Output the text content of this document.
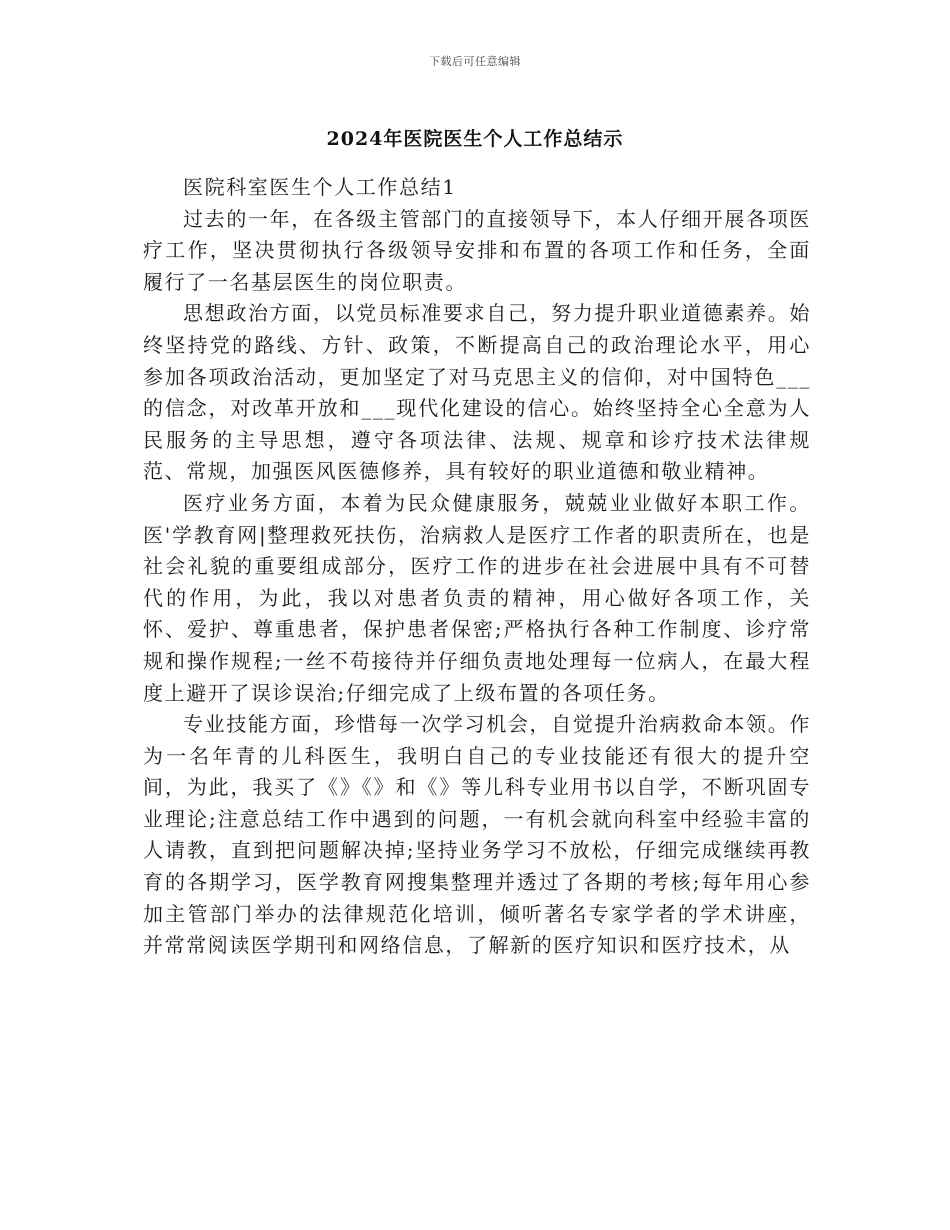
下载后可任意编辑
2024年医院医生个人工作总结示

医院科室医生个人工作总结1

过去的一年，在各级主管部门的直接领导下，本人仔细开展各项医疗工作，坚决贯彻执行各级领导安排和布置的各项工作和任务，全面履行了一名基层医生的岗位职责。

思想政治方面，以党员标准要求自己，努力提升职业道德素养。始终坚持党的路线、方针、政策，不断提高自己的政治理论水平，用心参加各项政治活动，更加坚定了对马克思主义的信仰，对中国特色___的信念，对改革开放和___现代化建设的信心。始终坚持全心全意为人民服务的主导思想，遵守各项法律、法规、规章和诊疗技术法律规范、常规，加强医风医德修养，具有较好的职业道德和敬业精神。

医疗业务方面，本着为民众健康服务，兢兢业业做好本职工作。医'学教育网|整理救死扶伤，治病救人是医疗工作者的职责所在，也是社会礼貌的重要组成部分，医疗工作的进步在社会进展中具有不可替代的作用，为此，我以对患者负责的精神，用心做好各项工作，关怀、爱护、尊重患者，保护患者保密;严格执行各种工作制度、诊疗常规和操作规程;一丝不苟接待并仔细负责地处理每一位病人，在最大程度上避开了误诊误治;仔细完成了上级布置的各项任务。

专业技能方面，珍惜每一次学习机会，自觉提升治病救命本领。作为一名年青的儿科医生，我明白自己的专业技能还有很大的提升空间，为此，我买了《》《》和《》等儿科专业用书以自学，不断巩固专业理论;注意总结工作中遇到的问题，一有机会就向科室中经验丰富的人请教，直到把问题解决掉;坚持业务学习不放松，仔细完成继续再教育的各期学习，医学教育网搜集整理并透过了各期的考核;每年用心参加主管部门举办的法律规范化培训，倾听著名专家学者的学术讲座，并常常阅读医学期刊和网络信息，了解新的医疗知识和医疗技术，从
